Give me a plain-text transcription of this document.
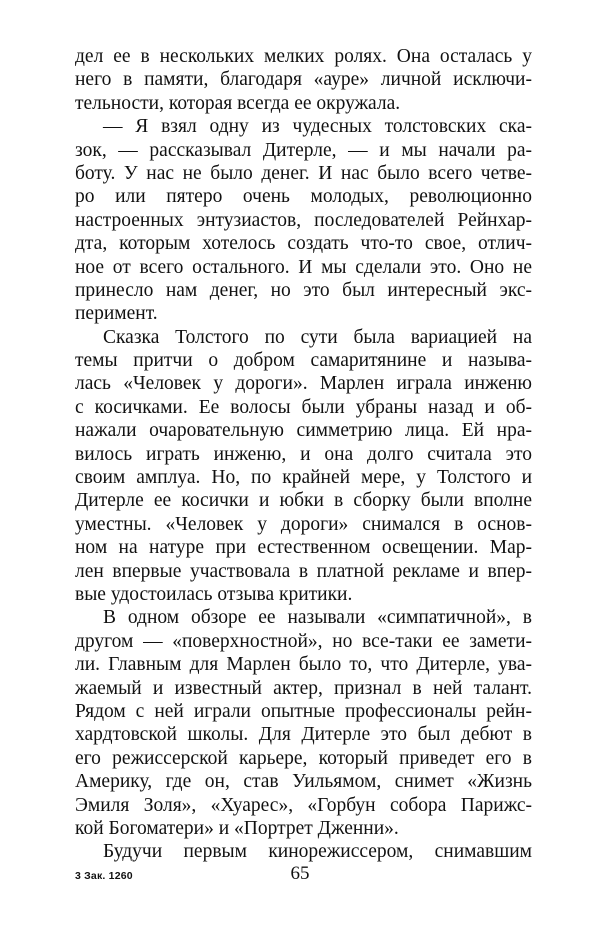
дел ее в нескольких мелких ролях. Она осталась у
него в памяти, благодаря «ауре» личной исключи-
тельности, которая всегда ее окружала.
— Я взял одну из чудесных толстовских ска-
зок, — рассказывал Дитерле, — и мы начали ра-
боту. У нас не было денег. И нас было всего четве-
ро или пятеро очень молодых, революционно
настроенных энтузиастов, последователей Рейнхар-
дта, которым хотелось создать что-то свое, отлич-
ное от всего остального. И мы сделали это. Оно не
принесло нам денег, но это был интересный экс-
перимент.
Сказка Толстого по сути была вариацией на
темы притчи о добром самаритянине и называ-
лась «Человек у дороги». Марлен играла инженю
с косичками. Ее волосы были убраны назад и об-
нажали очаровательную симметрию лица. Ей нра-
вилось играть инженю, и она долго считала это
своим амплуа. Но, по крайней мере, у Толстого и
Дитерле ее косички и юбки в сборку были вполне
уместны. «Человек у дороги» снимался в основ-
ном на натуре при естественном освещении. Мар-
лен впервые участвовала в платной рекламе и впер-
вые удостоилась отзыва критики.
В одном обзоре ее называли «симпатичной», в
другом — «поверхностной», но все-таки ее замети-
ли. Главным для Марлен было то, что Дитерле, ува-
жаемый и известный актер, признал в ней талант.
Рядом с ней играли опытные профессионалы рейн-
хардтовской школы. Для Дитерле это был дебют в
его режиссерской карьере, который приведет его в
Америку, где он, став Уильямом, снимет «Жизнь
Эмиля Золя», «Хуарес», «Горбун собора Парижс-
кой Богоматери» и «Портрет Дженни».
Будучи первым кинорежиссером, снимавшим
3 Зак. 1260	65
